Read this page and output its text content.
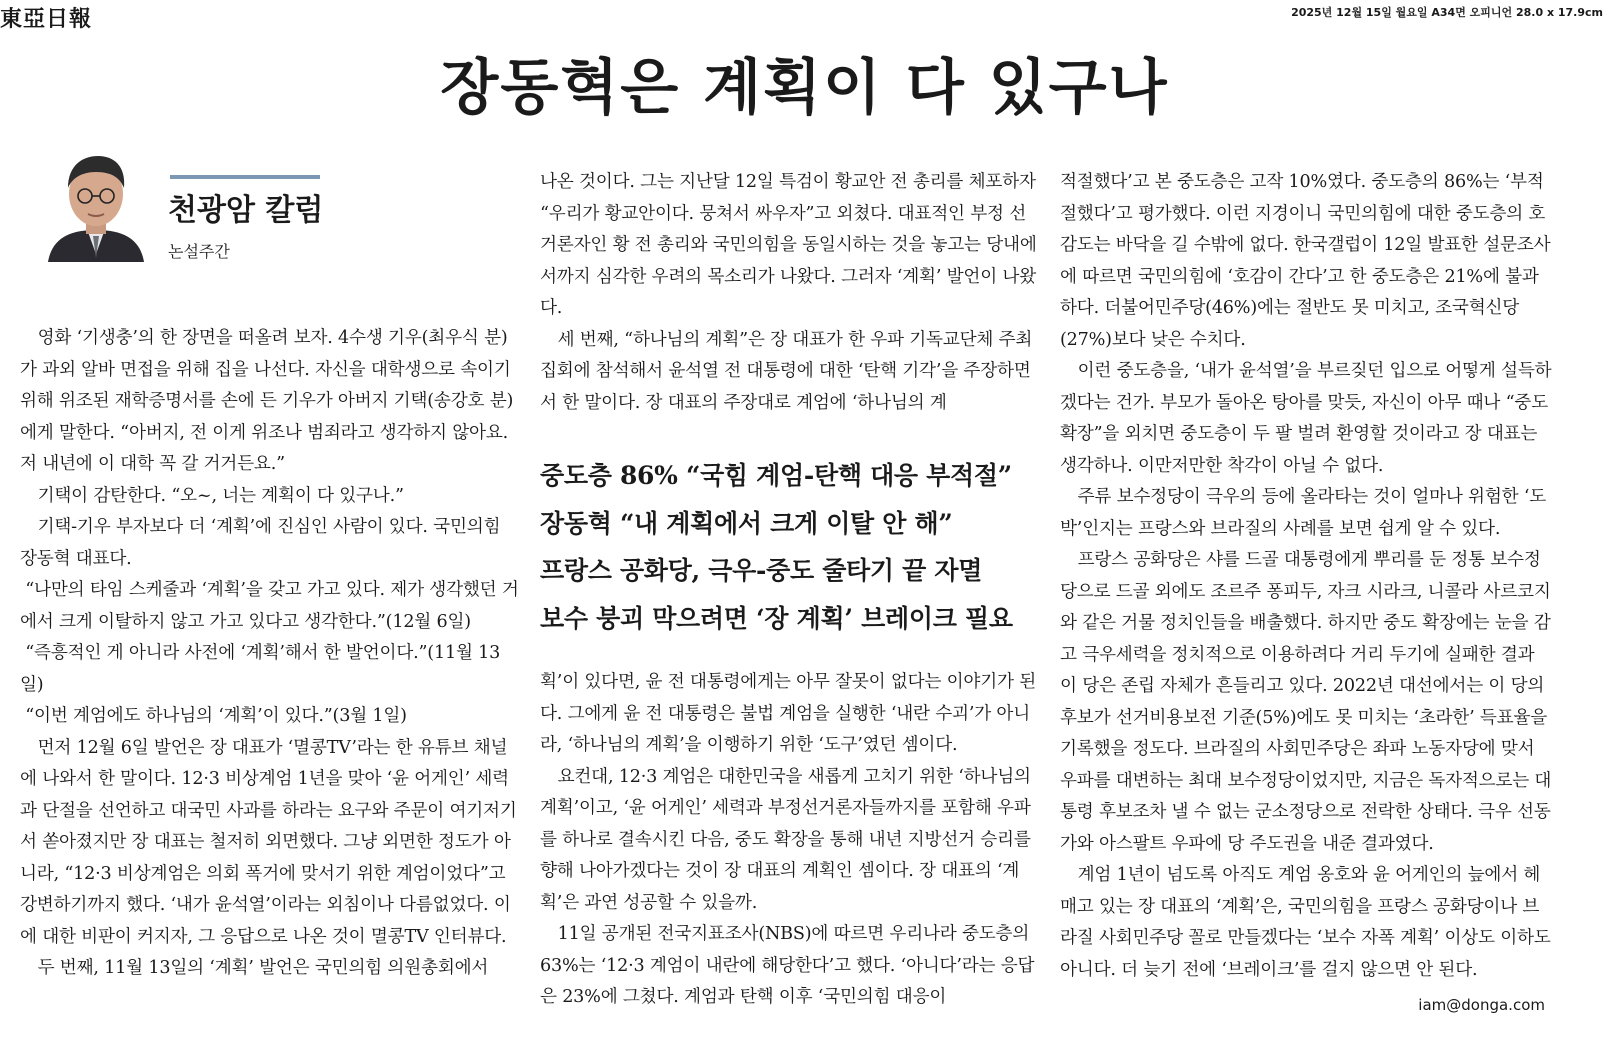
東亞日報	2025년 12월 15일 월요일 A34면 오피니언 28.0 x 17.9cm
장동혁은 계획이 다 있구나
천광암 칼럼
논설주간

영화 ‘기생충’의 한 장면을 떠올려 보자. 4수생 기우(최우식 분)가 과외 알바 면접을 위해 집을 나선다. 자신을 대학생으로 속이기 위해 위조된 재학증명서를 손에 든 기우가 아버지 기택(송강호 분)에게 말한다. “아버지, 전 이게 위조나 범죄라고 생각하지 않아요. 저 내년에 이 대학 꼭 갈 거거든요.”

기택이 감탄한다. “오~, 너는 계획이 다 있구나.”

기택-기우 부자보다 더 ‘계획’에 진심인 사람이 있다. 국민의힘 장동혁 대표다.

“나만의 타임 스케줄과 ‘계획’을 갖고 가고 있다. 제가 생각했던 거에서 크게 이탈하지 않고 가고 있다고 생각한다.”(12월 6일)

“즉흥적인 게 아니라 사전에 ‘계획’해서 한 발언이다.”(11월 13일)

“이번 계엄에도 하나님의 ‘계획’이 있다.”(3월 1일)

먼저 12월 6일 발언은 장 대표가 ‘멸콩TV’라는 한 유튜브 채널에 나와서 한 말이다. 12·3 비상계엄 1년을 맞아 ‘윤 어게인’ 세력과 단절을 선언하고 대국민 사과를 하라는 요구와 주문이 여기저기서 쏟아졌지만 장 대표는 철저히 외면했다. 그냥 외면한 정도가 아니라, “12·3 비상계엄은 의회 폭거에 맞서기 위한 계엄이었다”고 강변하기까지 했다. ‘내가 윤석열’이라는 외침이나 다름없었다. 이에 대한 비판이 커지자, 그 응답으로 나온 것이 멸콩TV 인터뷰다.

두 번째, 11월 13일의 ‘계획’ 발언은 국민의힘 의원총회에서

나온 것이다. 그는 지난달 12일 특검이 황교안 전 총리를 체포하자 “우리가 황교안이다. 뭉쳐서 싸우자”고 외쳤다. 대표적인 부정 선거론자인 황 전 총리와 국민의힘을 동일시하는 것을 놓고는 당내에서까지 심각한 우려의 목소리가 나왔다. 그러자 ‘계획’ 발언이 나왔다.

세 번째, “하나님의 계획”은 장 대표가 한 우파 기독교단체 주최 집회에 참석해서 윤석열 전 대통령에 대한 ‘탄핵 기각’을 주장하면서 한 말이다. 장 대표의 주장대로 계엄에 ‘하나님의 계

중도층 86% “국힘 계엄-탄핵 대응 부적절”
장동혁 “내 계획에서 크게 이탈 안 해”
프랑스 공화당, 극우-중도 줄타기 끝 자멸
보수 붕괴 막으려면 ‘장 계획’ 브레이크 필요

획’이 있다면, 윤 전 대통령에게는 아무 잘못이 없다는 이야기가 된다. 그에게 윤 전 대통령은 불법 계엄을 실행한 ‘내란 수괴’가 아니라, ‘하나님의 계획’을 이행하기 위한 ‘도구’였던 셈이다.

요컨대, 12·3 계엄은 대한민국을 새롭게 고치기 위한 ‘하나님의 계획’이고, ‘윤 어게인’ 세력과 부정선거론자들까지를 포함해 우파를 하나로 결속시킨 다음, 중도 확장을 통해 내년 지방선거 승리를 향해 나아가겠다는 것이 장 대표의 계획인 셈이다. 장 대표의 ‘계획’은 과연 성공할 수 있을까.

11일 공개된 전국지표조사(NBS)에 따르면 우리나라 중도층의 63%는 ‘12·3 계엄이 내란에 해당한다’고 했다. ‘아니다’라는 응답은 23%에 그쳤다. 계엄과 탄핵 이후 ‘국민의힘 대응이

적절했다’고 본 중도층은 고작 10%였다. 중도층의 86%는 ‘부적절했다’고 평가했다. 이런 지경이니 국민의힘에 대한 중도층의 호감도는 바닥을 길 수밖에 없다. 한국갤럽이 12일 발표한 설문조사에 따르면 국민의힘에 ‘호감이 간다’고 한 중도층은 21%에 불과하다. 더불어민주당(46%)에는 절반도 못 미치고, 조국혁신당(27%)보다 낮은 수치다.

이런 중도층을, ‘내가 윤석열’을 부르짖던 입으로 어떻게 설득하겠다는 건가. 부모가 돌아온 탕아를 맞듯, 자신이 아무 때나 “중도 확장”을 외치면 중도층이 두 팔 벌려 환영할 것이라고 장 대표는 생각하나. 이만저만한 착각이 아닐 수 없다.

주류 보수정당이 극우의 등에 올라타는 것이 얼마나 위험한 ‘도박’인지는 프랑스와 브라질의 사례를 보면 쉽게 알 수 있다.

프랑스 공화당은 샤를 드골 대통령에게 뿌리를 둔 정통 보수정당으로 드골 외에도 조르주 퐁피두, 자크 시라크, 니콜라 사르코지와 같은 거물 정치인들을 배출했다. 하지만 중도 확장에는 눈을 감고 극우세력을 정치적으로 이용하려다 거리 두기에 실패한 결과 이 당은 존립 자체가 흔들리고 있다. 2022년 대선에서는 이 당의 후보가 선거비용보전 기준(5%)에도 못 미치는 ‘초라한’ 득표율을 기록했을 정도다. 브라질의 사회민주당은 좌파 노동자당에 맞서 우파를 대변하는 최대 보수정당이었지만, 지금은 독자적으로는 대통령 후보조차 낼 수 없는 군소정당으로 전락한 상태다. 극우 선동가와 아스팔트 우파에 당 주도권을 내준 결과였다.

계엄 1년이 넘도록 아직도 계엄 옹호와 윤 어게인의 늪에서 헤매고 있는 장 대표의 ‘계획’은, 국민의힘을 프랑스 공화당이나 브라질 사회민주당 꼴로 만들겠다는 ‘보수 자폭 계획’ 이상도 이하도 아니다. 더 늦기 전에 ‘브레이크’를 걸지 않으면 안 된다.

iam@donga.com
